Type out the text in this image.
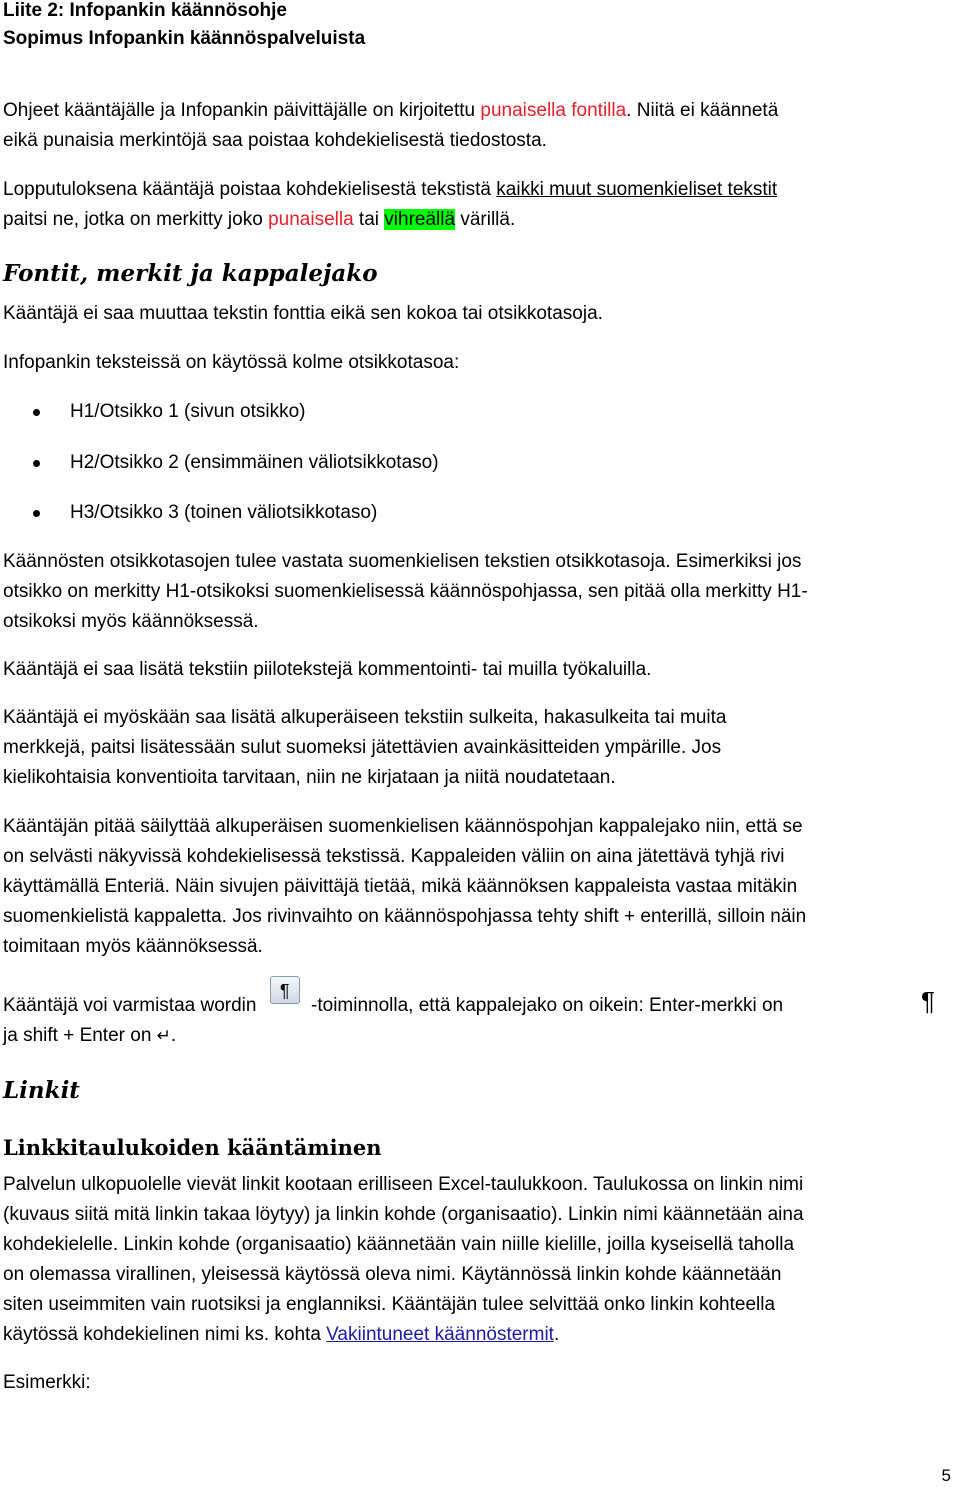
Liite 2: Infopankin käännösohje
Sopimus Infopankin käännöspalveluista
Ohjeet kääntäjälle ja Infopankin päivittäjälle on kirjoitettu punaisella fontilla. Niitä ei käännetä
eikä punaisia merkintöjä saa poistaa kohdekielisestä tiedostosta.
Lopputuloksena kääntäjä poistaa kohdekielisestä tekstistä kaikki muut suomenkieliset tekstit
paitsi ne, jotka on merkitty joko punaisella tai vihreällä värillä.
Fontit, merkit ja kappalejako
Kääntäjä ei saa muuttaa tekstin fonttia eikä sen kokoa tai otsikkotasoja.
Infopankin teksteissä on käytössä kolme otsikkotasoa:
H1/Otsikko 1 (sivun otsikko)
H2/Otsikko 2 (ensimmäinen väliotsikkotaso)
H3/Otsikko 3 (toinen väliotsikkotaso)
Käännösten otsikkotasojen tulee vastata suomenkielisen tekstien otsikkotasoja. Esimerkiksi jos
otsikko on merkitty H1-otsikoksi suomenkielisessä käännöspohjassa, sen pitää olla merkitty H1-
otsikoksi myös käännöksessä.
Kääntäjä ei saa lisätä tekstiin piilotekstejä kommentointi- tai muilla työkaluilla.
Kääntäjä ei myöskään saa lisätä alkuperäiseen tekstiin sulkeita, hakasulkeita tai muita
merkkejä, paitsi lisätessään sulut suomeksi jätettävien avainkäsitteiden ympärille. Jos
kielikohtaisia konventioita tarvitaan, niin ne kirjataan ja niitä noudatetaan.
Kääntäjän pitää säilyttää alkuperäisen suomenkielisen käännöspohjan kappalejako niin, että se
on selvästi näkyvissä kohdekielisessä tekstissä. Kappaleiden väliin on aina jätettävä tyhjä rivi
käyttämällä Enteriä. Näin sivujen päivittäjä tietää, mikä käännöksen kappaleista vastaa mitäkin
suomenkielistä kappaletta. Jos rivinvaihto on käännöspohjassa tehty shift + enterillä, silloin näin
toimitaan myös käännöksessä.
Kääntäjä voi varmistaa wordin ¶ -toiminnolla, että kappalejako on oikein: Enter-merkki on
ja shift + Enter on ↵.
¶
Linkit
Linkkitaulukoiden kääntäminen
Palvelun ulkopuolelle vievät linkit kootaan erilliseen Excel-taulukkoon. Taulukossa on linkin nimi
(kuvaus siitä mitä linkin takaa löytyy) ja linkin kohde (organisaatio). Linkin nimi käännetään aina
kohdekielelle. Linkin kohde (organisaatio) käännetään vain niille kielille, joilla kyseisellä taholla
on olemassa virallinen, yleisessä käytössä oleva nimi. Käytännössä linkin kohde käännetään
siten useimmiten vain ruotsiksi ja englanniksi. Kääntäjän tulee selvittää onko linkin kohteella
käytössä kohdekielinen nimi ks. kohta Vakiintuneet käännöstermit.
Esimerkki:
5
